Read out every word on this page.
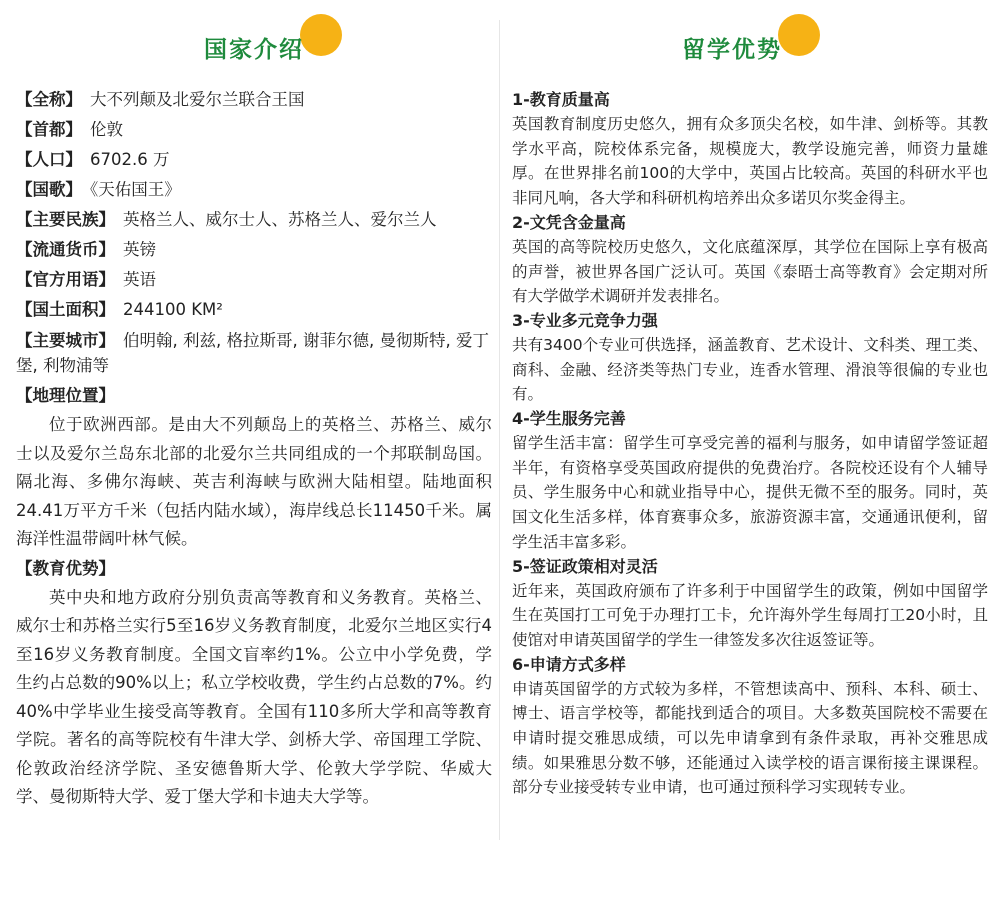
国家介绍
【全称】 大不列颠及北爱尔兰联合王国
【首都】 伦敦
【人口】 6702.6 万
【国歌】 《天佑国王》
【主要民族】 英格兰人、威尔士人、苏格兰人、爱尔兰人
【流通货币】 英镑
【官方用语】 英语
【国土面积】 244100 KM²
【主要城市】 伯明翰, 利兹, 格拉斯哥, 谢菲尔德, 曼彻斯特, 爱丁堡, 利物浦等
【地理位置】
位于欧洲西部。是由大不列颠岛上的英格兰、苏格兰、威尔士以及爱尔兰岛东北部的北爱尔兰共同组成的一个邦联制岛国。隔北海、多佛尔海峡、英吉利海峡与欧洲大陆相望。陆地面积24.41万平方千米（包括内陆水域），海岸线总长11450千米。属海洋性温带阔叶林气候。
【教育优势】
英中央和地方政府分别负责高等教育和义务教育。英格兰、威尔士和苏格兰实行5至16岁义务教育制度，北爱尔兰地区实行4至16岁义务教育制度。全国文盲率约1%。公立中小学免费，学生约占总数的90%以上；私立学校收费，学生约占总数的7%。约40%中学毕业生接受高等教育。全国有110多所大学和高等教育学院。著名的高等院校有牛津大学、剑桥大学、帝国理工学院、伦敦政治经济学院、圣安德鲁斯大学、伦敦大学学院、华威大学、曼彻斯特大学、爱丁堡大学和卡迪夫大学等。
留学优势
1-教育质量高
英国教育制度历史悠久，拥有众多顶尖名校，如牛津、剑桥等。其教学水平高，院校体系完备，规模庞大，教学设施完善，师资力量雄厚。在世界排名前100的大学中，英国占比较高。英国的科研水平也非同凡响，各大学和科研机构培养出众多诺贝尔奖金得主。
2-文凭含金量高
英国的高等院校历史悠久，文化底蕴深厚，其学位在国际上享有极高的声誉，被世界各国广泛认可。英国《泰晤士高等教育》会定期对所有大学做学术调研并发表排名。
3-专业多元竞争力强
共有3400个专业可供选择，涵盖教育、艺术设计、文科类、理工类、商科、金融、经济类等热门专业，连香水管理、滑浪等很偏的专业也有。
4-学生服务完善
留学生活丰富：留学生可享受完善的福利与服务，如申请留学签证超半年，有资格享受英国政府提供的免费治疗。各院校还设有个人辅导员、学生服务中心和就业指导中心，提供无微不至的服务。同时，英国文化生活多样，体育赛事众多，旅游资源丰富，交通通讯便利，留学生活丰富多彩。
5-签证政策相对灵活
近年来，英国政府颁布了许多利于中国留学生的政策，例如中国留学生在英国打工可免于办理打工卡，允许海外学生每周打工20小时，且使馆对申请英国留学的学生一律签发多次往返签证等。
6-申请方式多样
申请英国留学的方式较为多样，不管想读高中、预科、本科、硕士、博士、语言学校等，都能找到适合的项目。大多数英国院校不需要在申请时提交雅思成绩，可以先申请拿到有条件录取，再补交雅思成绩。如果雅思分数不够，还能通过入读学校的语言课衔接主课课程。部分专业接受转专业申请，也可通过预科学习实现转专业。
